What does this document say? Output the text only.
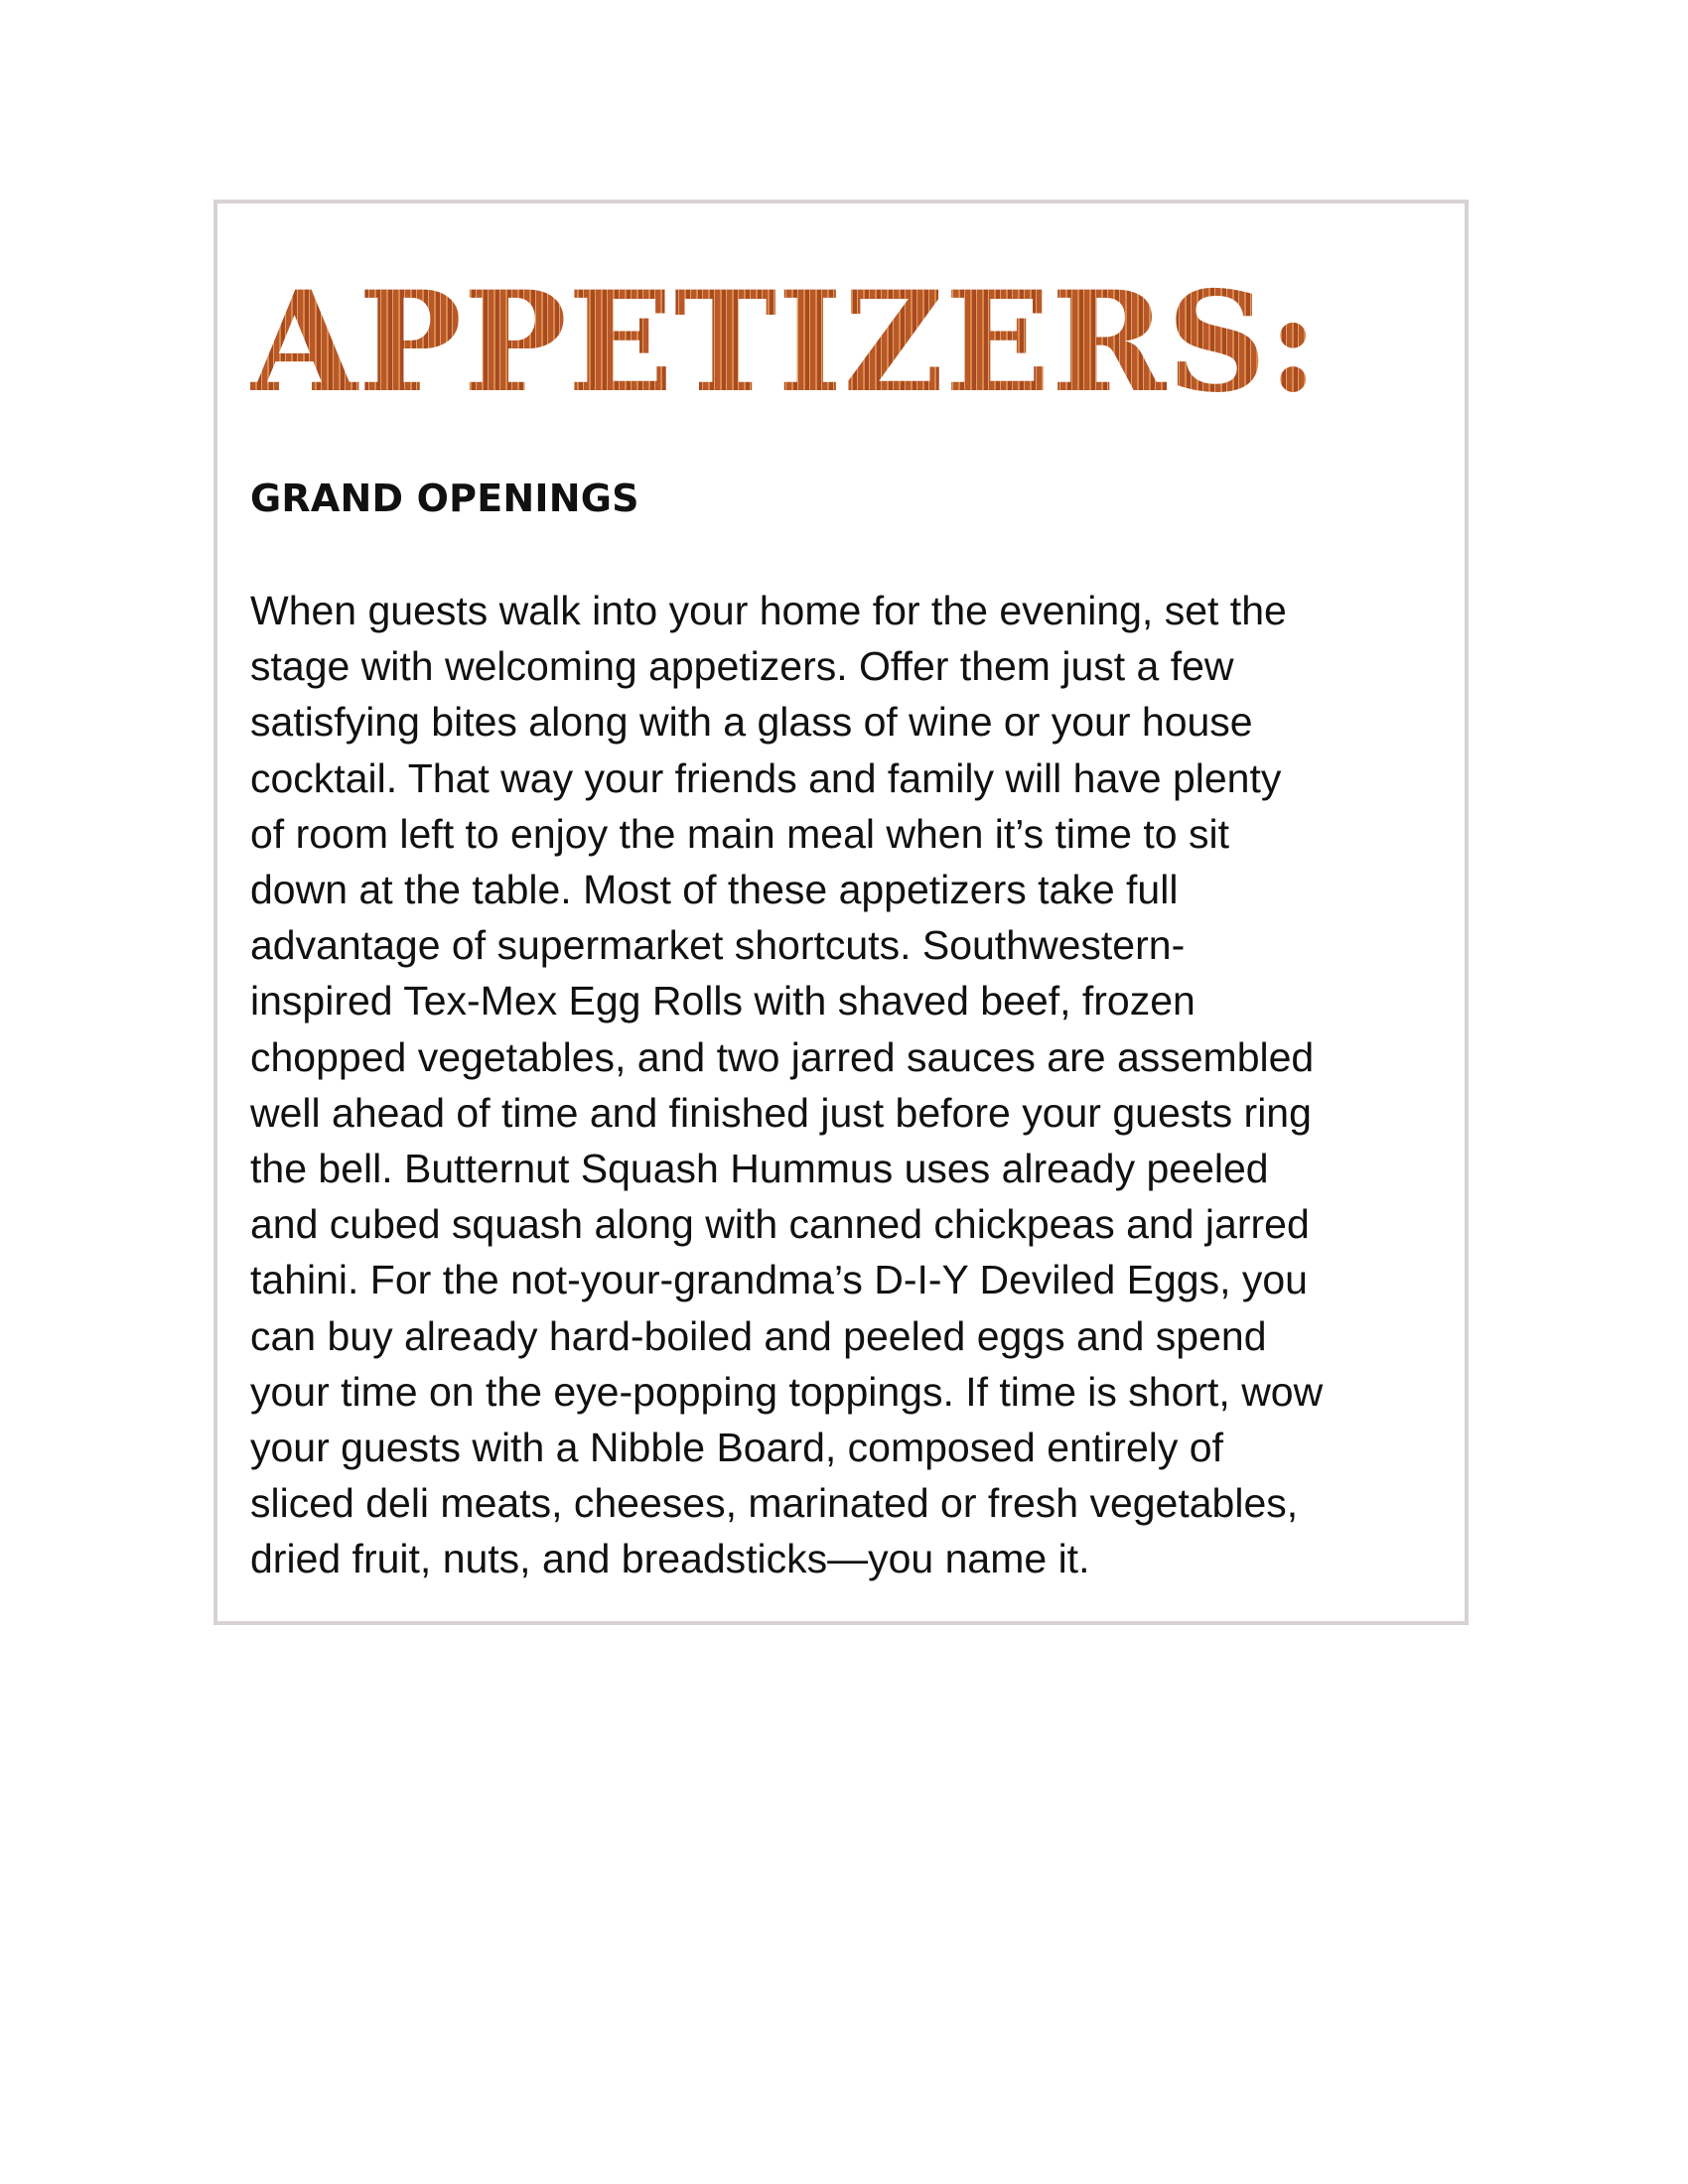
APPETIZERS:
GRAND OPENINGS

When guests walk into your home for the evening, set the
stage with welcoming appetizers. Offer them just a few
satisfying bites along with a glass of wine or your house
cocktail. That way your friends and family will have plenty
of room left to enjoy the main meal when it’s time to sit
down at the table. Most of these appetizers take full
advantage of supermarket shortcuts. Southwestern-
inspired Tex-Mex Egg Rolls with shaved beef, frozen
chopped vegetables, and two jarred sauces are assembled
well ahead of time and finished just before your guests ring
the bell. Butternut Squash Hummus uses already peeled
and cubed squash along with canned chickpeas and jarred
tahini. For the not-your-grandma’s D-I-Y Deviled Eggs, you
can buy already hard-boiled and peeled eggs and spend
your time on the eye-popping toppings. If time is short, wow
your guests with a Nibble Board, composed entirely of
sliced deli meats, cheeses, marinated or fresh vegetables,
dried fruit, nuts, and breadsticks—you name it.
